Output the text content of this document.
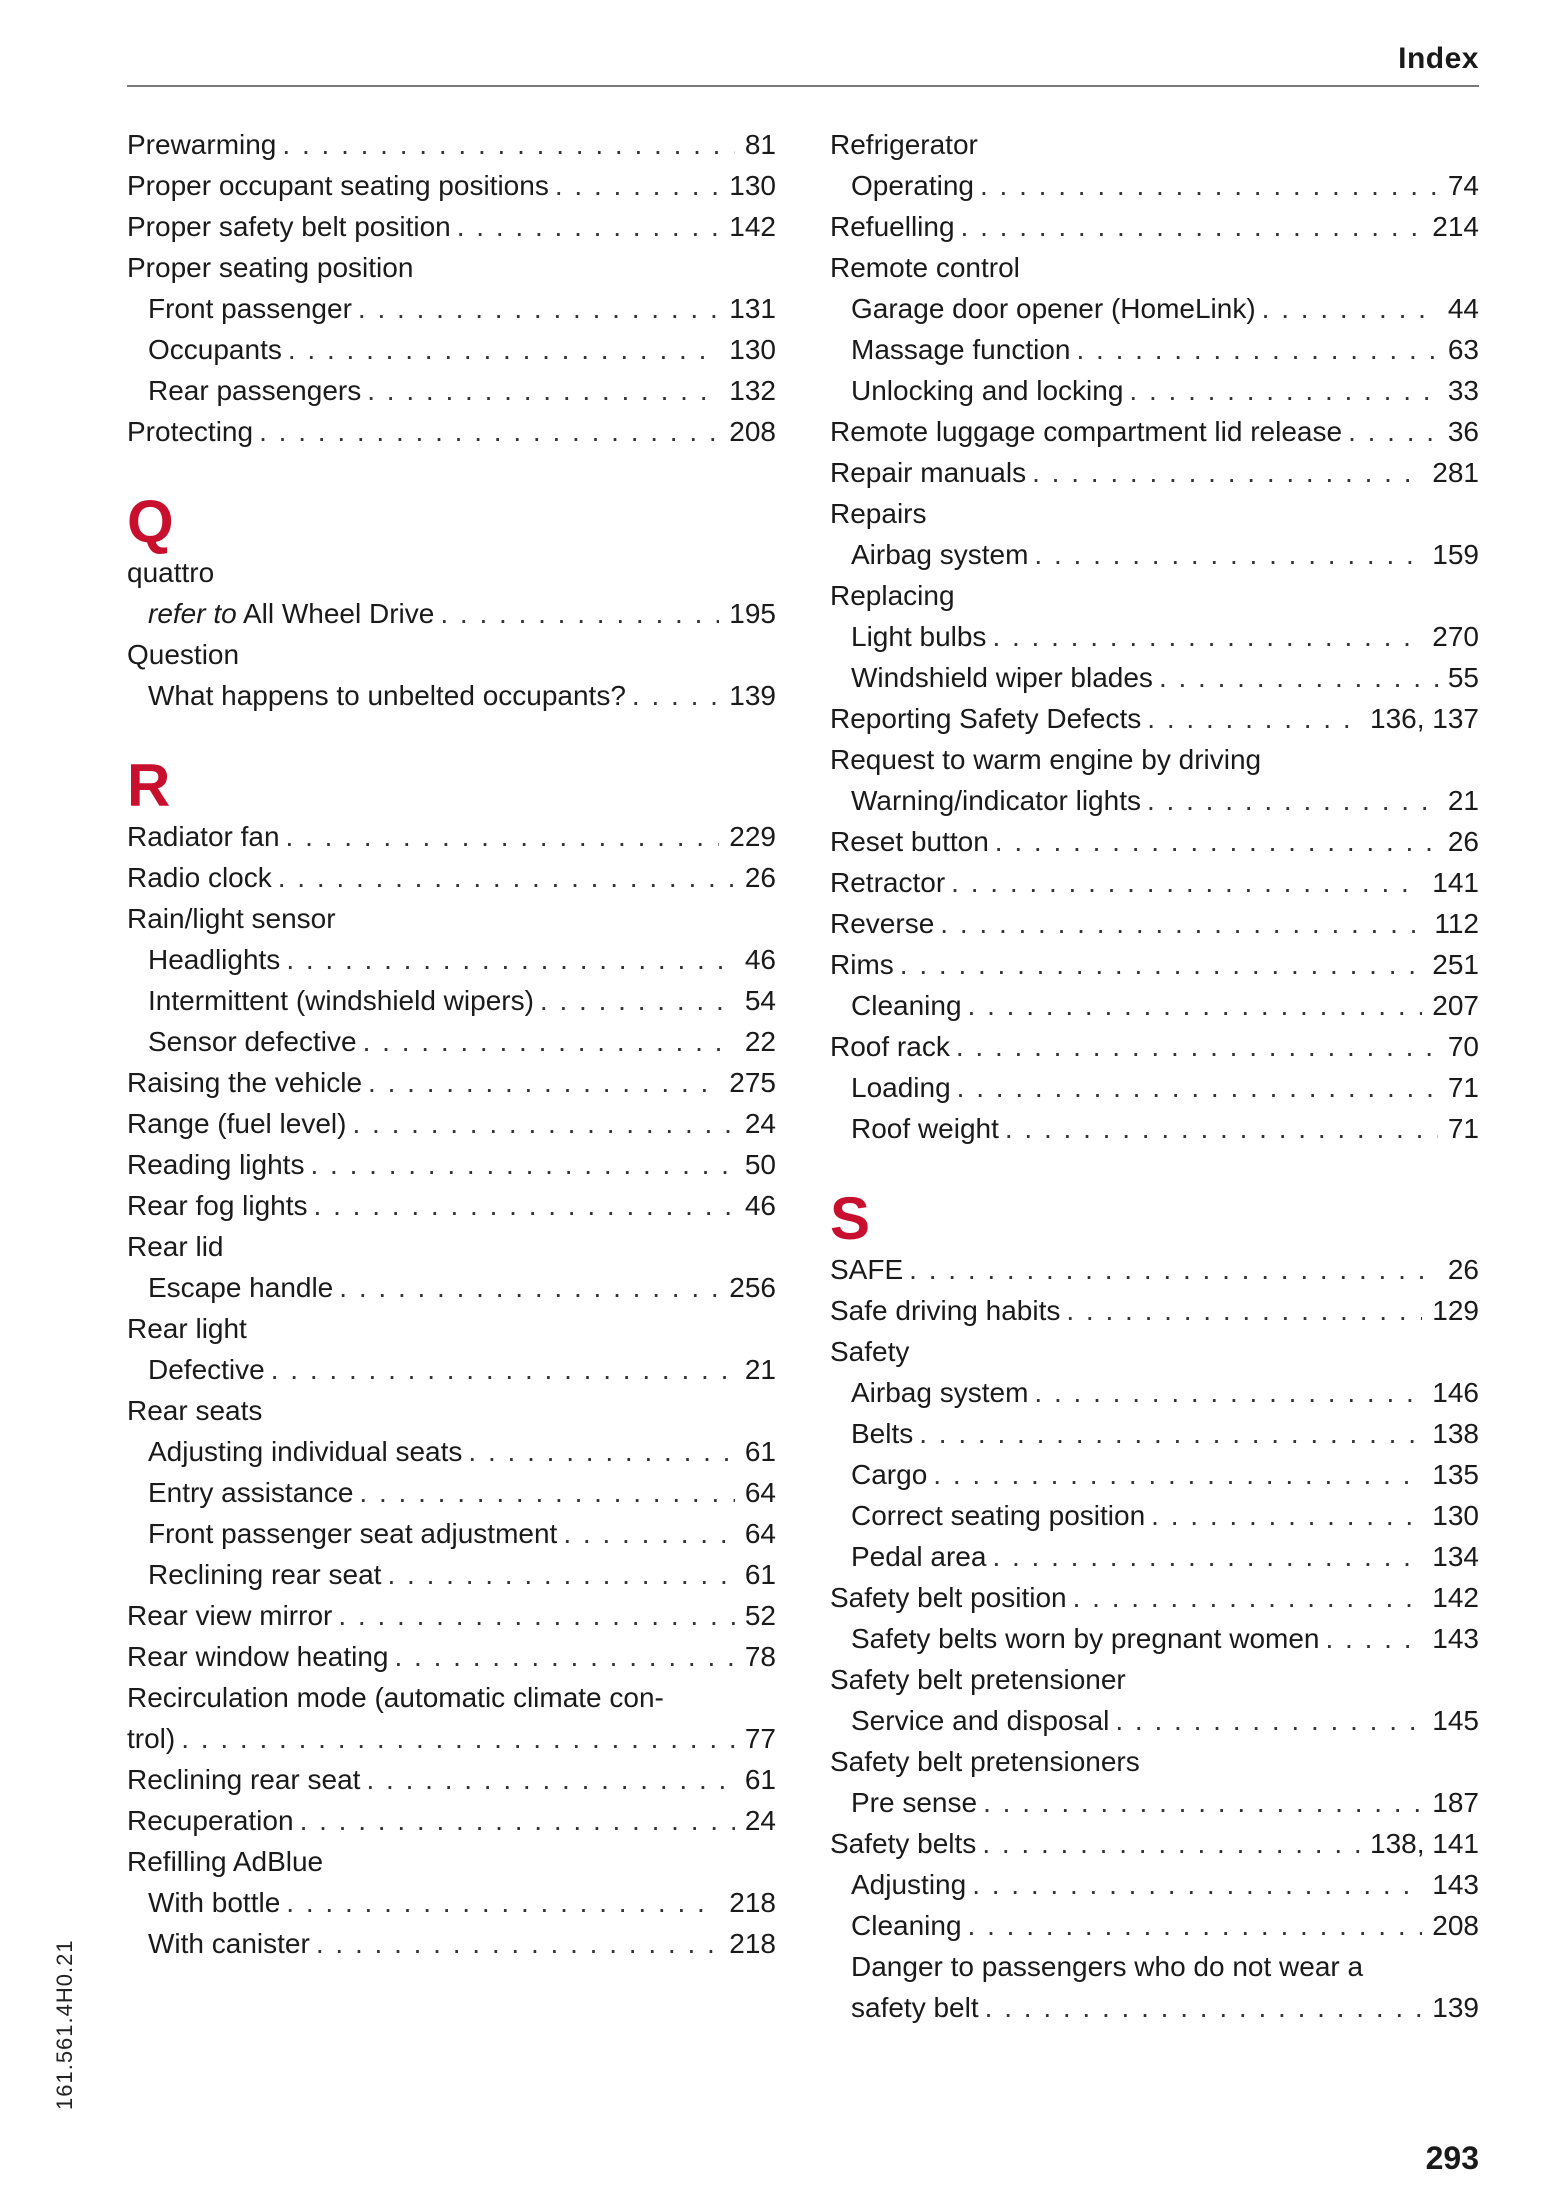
Index
Prewarming . . .	81
Proper occupant seating positions . . .	130
Proper safety belt position . . .	142
Proper seating position
Front passenger . . .	131
Occupants . . .	130
Rear passengers . . .	132
Protecting . . .	208
Q
quattro
refer to All Wheel Drive . . .	195
Question
What happens to unbelted occupants? . . .	139
R
Radiator fan . . .	229
Radio clock . . .	26
Rain/light sensor
Headlights . . .	46
Intermittent (windshield wipers) . . .	54
Sensor defective . . .	22
Raising the vehicle . . .	275
Range (fuel level) . . .	24
Reading lights . . .	50
Rear fog lights . . .	46
Rear lid
Escape handle . . .	256
Rear light
Defective . . .	21
Rear seats
Adjusting individual seats . . .	61
Entry assistance . . .	64
Front passenger seat adjustment . . .	64
Reclining rear seat . . .	61
Rear view mirror . . .	52
Rear window heating . . .	78
Recirculation mode (automatic climate con-
trol) . . .	77
Reclining rear seat . . .	61
Recuperation . . .	24
Refilling AdBlue
With bottle . . .	218
With canister . . .	218
Refrigerator
Operating . . .	74
Refuelling . . .	214
Remote control
Garage door opener (HomeLink) . . .	44
Massage function . . .	63
Unlocking and locking . . .	33
Remote luggage compartment lid release . . .	36
Repair manuals . . .	281
Repairs
Airbag system . . .	159
Replacing
Light bulbs . . .	270
Windshield wiper blades . . .	55
Reporting Safety Defects . . .	136, 137
Request to warm engine by driving
Warning/indicator lights . . .	21
Reset button . . .	26
Retractor . . .	141
Reverse . . .	112
Rims . . .	251
Cleaning . . .	207
Roof rack . . .	70
Loading . . .	71
Roof weight . . .	71
S
SAFE . . .	26
Safe driving habits . . .	129
Safety
Airbag system . . .	146
Belts . . .	138
Cargo . . .	135
Correct seating position . . .	130
Pedal area . . .	134
Safety belt position . . .	142
Safety belts worn by pregnant women . . .	143
Safety belt pretensioner
Service and disposal . . .	145
Safety belt pretensioners
Pre sense . . .	187
Safety belts . . .	138, 141
Adjusting . . .	143
Cleaning . . .	208
Danger to passengers who do not wear a
safety belt . . .	139
161.561.4H0.21
293
